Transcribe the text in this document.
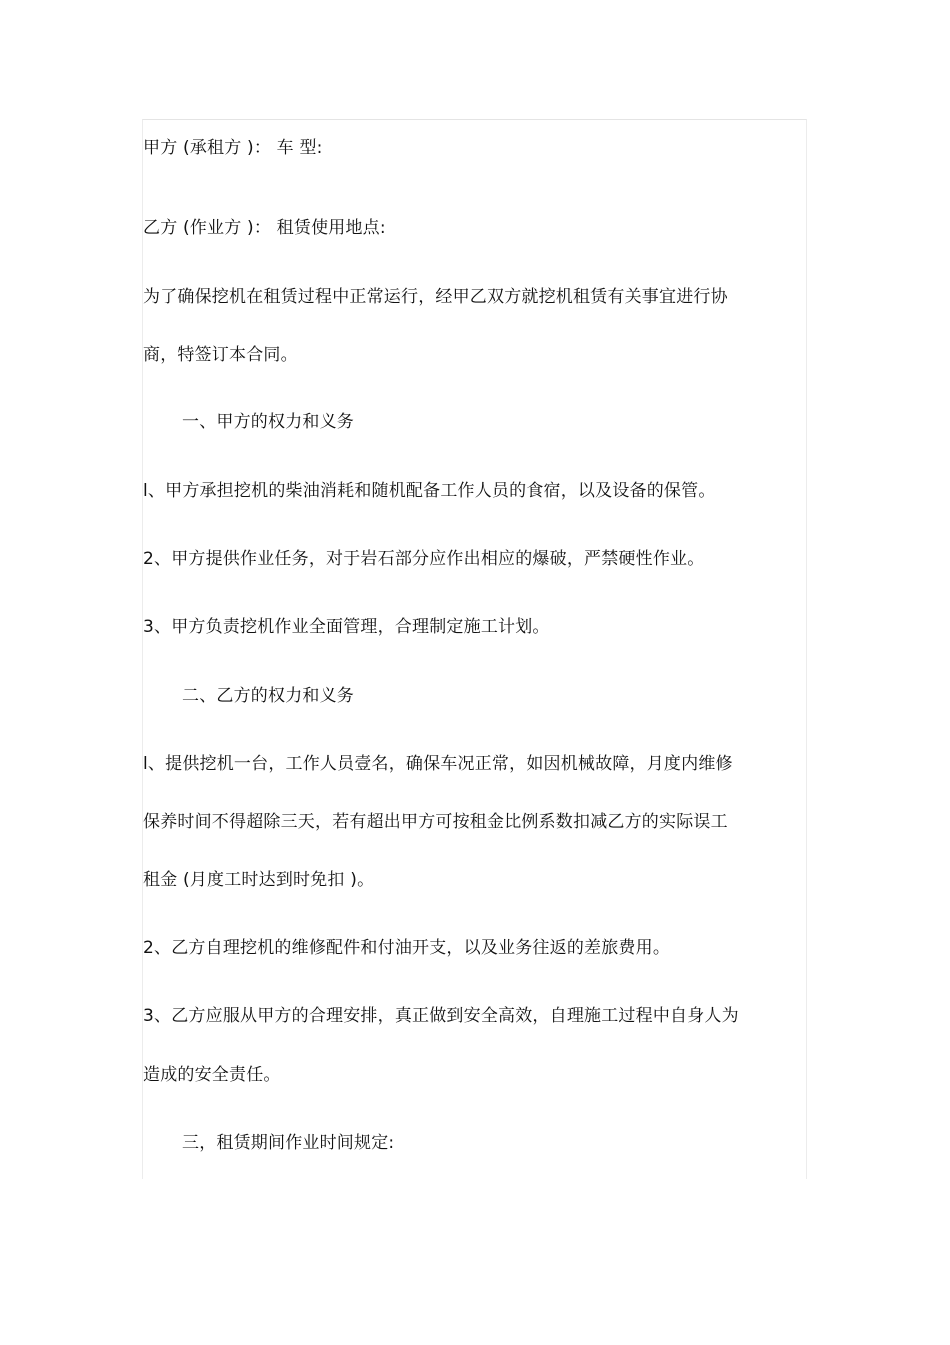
甲方 (承租方 )： 车 型:
乙方 (作业方 )： 租赁使用地点:
为了确保挖机在租赁过程中正常运行，经甲乙双方就挖机租赁有关事宜进行协
商，特签订本合同。
一、甲方的权力和义务
l、甲方承担挖机的柴油消耗和随机配备工作人员的食宿，以及设备的保管。
2、甲方提供作业任务，对于岩石部分应作出相应的爆破，严禁硬性作业。
3、甲方负责挖机作业全面管理，合理制定施工计划。
二、乙方的权力和义务
l、提供挖机一台，工作人员壹名，确保车况正常，如因机械故障，月度内维修
保养时间不得超除三天，若有超出甲方可按租金比例系数扣减乙方的实际误工
租金 (月度工时达到时免扣 )。
2、乙方自理挖机的维修配件和付油开支，以及业务往返的差旅费用。
3、乙方应服从甲方的合理安排，真正做到安全高效，自理施工过程中自身人为
造成的安全责任。
三，租赁期间作业时间规定:
